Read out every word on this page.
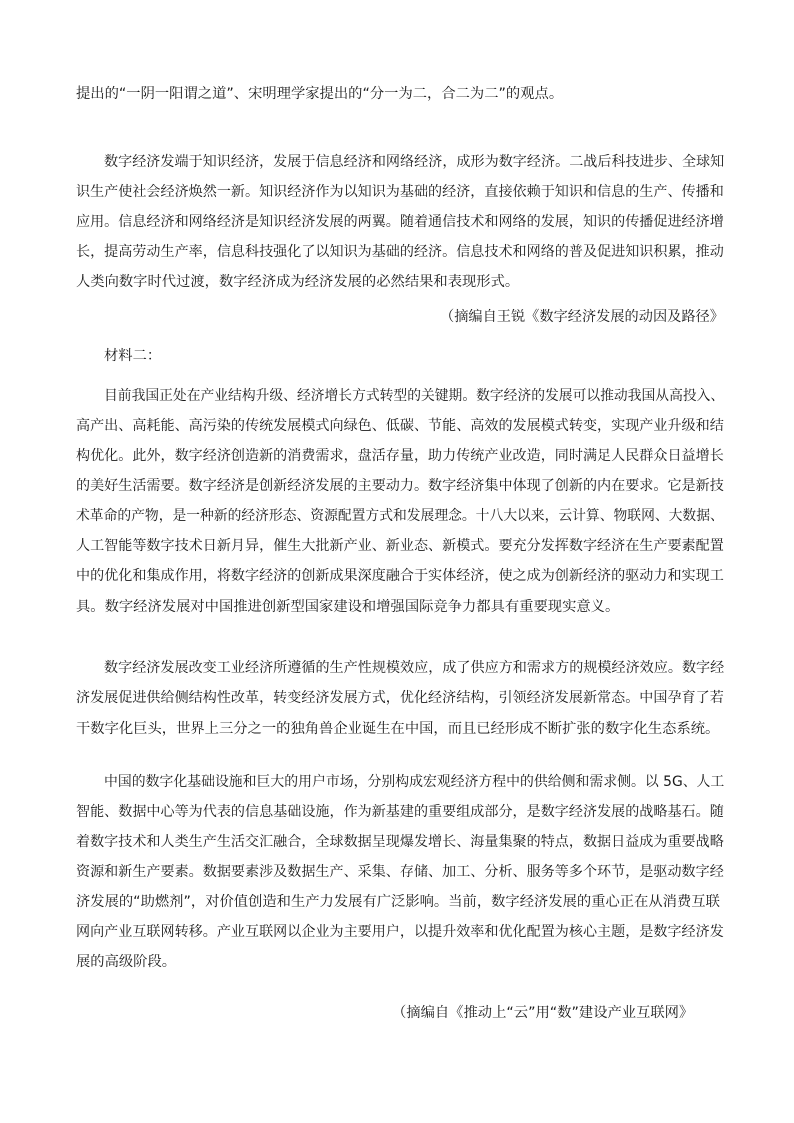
提出的“一阴一阳谓之道”、宋明理学家提出的“分一为二，合二为二”的观点。
数字经济发端于知识经济，发展于信息经济和网络经济，成形为数字经济。二战后科技进步、全球知
识生产使社会经济焕然一新。知识经济作为以知识为基础的经济，直接依赖于知识和信息的生产、传播和
应用。信息经济和网络经济是知识经济发展的两翼。随着通信技术和网络的发展，知识的传播促进经济增
长，提高劳动生产率，信息科技强化了以知识为基础的经济。信息技术和网络的普及促进知识积累，推动
人类向数字时代过渡，数字经济成为经济发展的必然结果和表现形式。
（摘编自王锐《数字经济发展的动因及路径》
材料二：
目前我国正处在产业结构升级、经济增长方式转型的关键期。数字经济的发展可以推动我国从高投入、
高产出、高耗能、高污染的传统发展模式向绿色、低碳、节能、高效的发展模式转变，实现产业升级和结
构优化。此外，数字经济创造新的消费需求，盘活存量，助力传统产业改造，同时满足人民群众日益增长
的美好生活需要。数字经济是创新经济发展的主要动力。数字经济集中体现了创新的内在要求。它是新技
术革命的产物，是一种新的经济形态、资源配置方式和发展理念。十八大以来，云计算、物联网、大数据、
人工智能等数字技术日新月异，催生大批新产业、新业态、新模式。要充分发挥数字经济在生产要素配置
中的优化和集成作用，将数字经济的创新成果深度融合于实体经济，使之成为创新经济的驱动力和实现工
具。数字经济发展对中国推进创新型国家建设和增强国际竞争力都具有重要现实意义。
数字经济发展改变工业经济所遵循的生产性规模效应，成了供应方和需求方的规模经济效应。数字经
济发展促进供给侧结构性改革，转变经济发展方式，优化经济结构，引领经济发展新常态。中国孕育了若
干数字化巨头，世界上三分之一的独角兽企业诞生在中国，而且已经形成不断扩张的数字化生态系统。
中国的数字化基础设施和巨大的用户市场，分别构成宏观经济方程中的供给侧和需求侧。以 5G、人工
智能、数据中心等为代表的信息基础设施，作为新基建的重要组成部分，是数字经济发展的战略基石。随
着数字技术和人类生产生活交汇融合，全球数据呈现爆发增长、海量集聚的特点，数据日益成为重要战略
资源和新生产要素。数据要素涉及数据生产、采集、存储、加工、分析、服务等多个环节，是驱动数字经
济发展的“助燃剂”，对价值创造和生产力发展有广泛影响。当前，数字经济发展的重心正在从消费互联
网向产业互联网转移。产业互联网以企业为主要用户，以提升效率和优化配置为核心主题，是数字经济发
展的高级阶段。
（摘编自《推动上“云”用“数”建设产业互联网》
